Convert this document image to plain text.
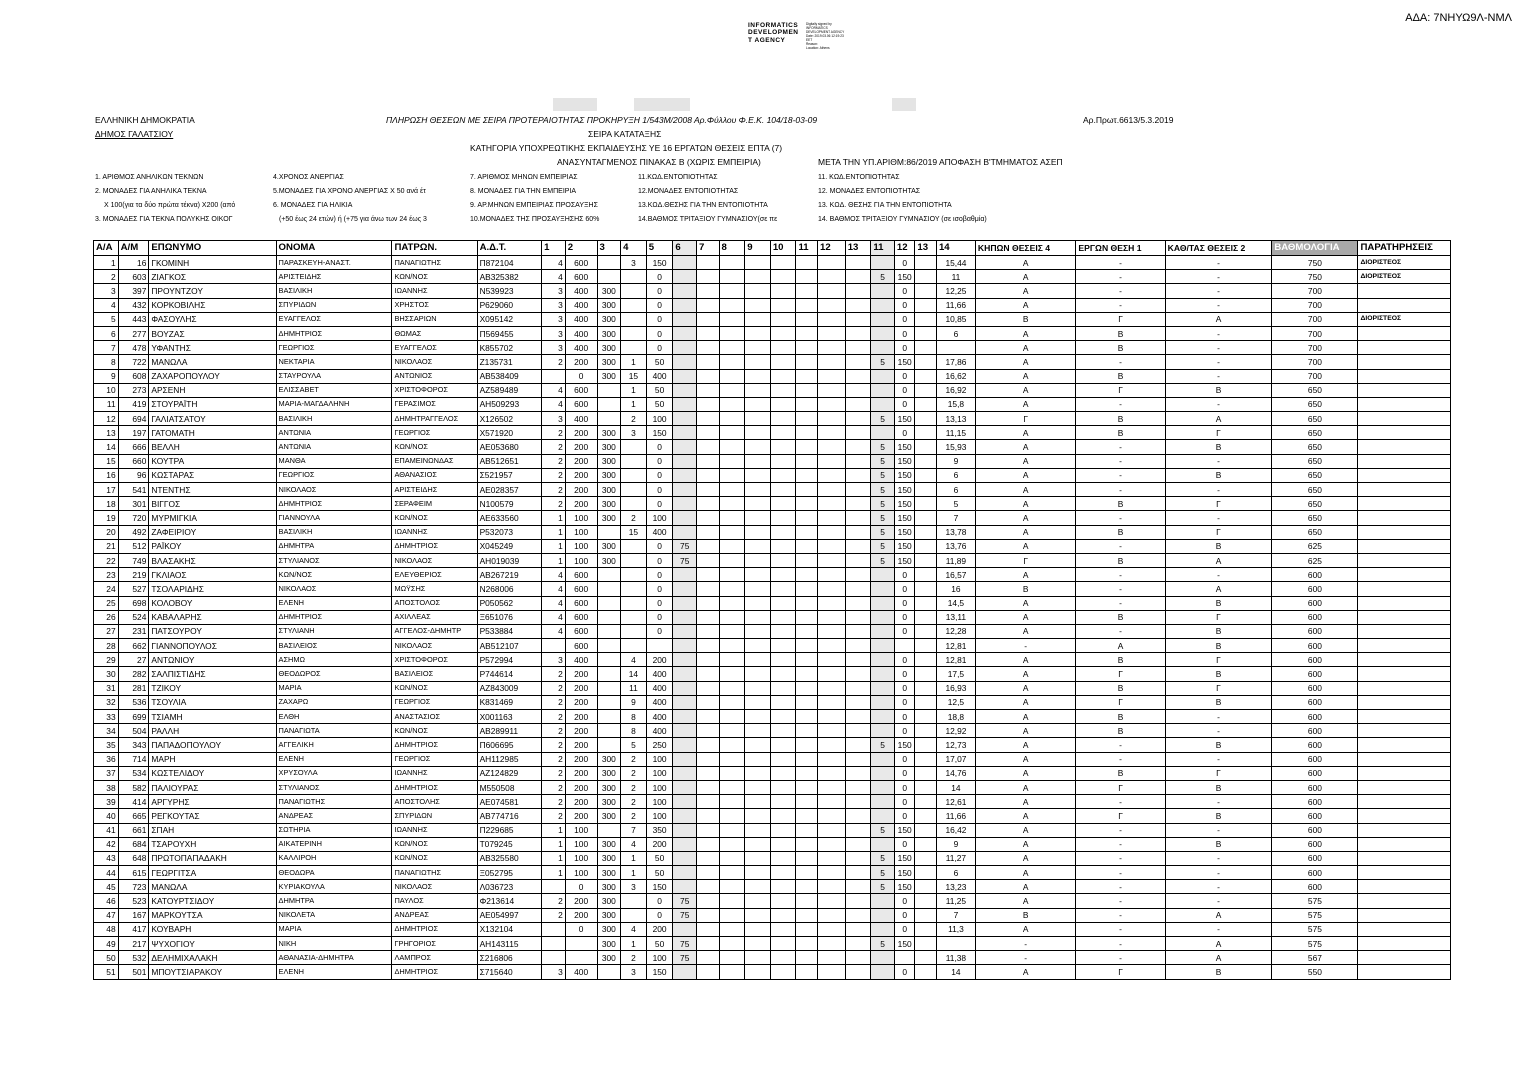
ΑΔΑ: 7ΝΗΥΩ9Λ-ΝΜΛ
INFORMATICS
DEVELOPMEN
T AGENCY
Digitally signed by
INFORMATICS
DEVELOPMENT AGENCY
Date: 2019.03.06 12:19:23
EET
Reason:
Location: Athens
ΕΛΛΗΝΙΚΗ ΔΗΜΟΚΡΑΤΙΑ
ΔΗΜΟΣ ΓΑΛΑΤΣΙΟΥ
ΠΛΗΡΩΣΗ ΘΕΣΕΩΝ ΜΕ ΣΕΙΡΑ ΠΡΟΤΕΡΑΙΟΤΗΤΑΣ ΠΡΟΚΗΡΥΞΗ 1/543Μ/2008 Αρ.Φύλλου Φ.Ε.Κ. 104/18-03-09	Αρ.Πρωτ.6613/5.3.2019
ΣΕΙΡΑ ΚΑΤΑΤΑΞΗΣ
ΚΑΤΗΓΟΡΙΑ ΥΠΟΧΡΕΩΤΙΚΗΣ ΕΚΠΑΙΔΕΥΣΗΣ ΥΕ 16 ΕΡΓΑΤΩΝ ΘΕΣΕΙΣ ΕΠΤΑ (7)
ΑΝΑΣΥΝΤΑΓΜΕΝΟΣ ΠΙΝΑΚΑΣ Β (ΧΩΡΙΣ ΕΜΠΕΙΡΙΑ)	ΜΕΤΑ ΤΗΝ ΥΠ.ΑΡΙΘΜ:86/2019 ΑΠΟΦΑΣΗ Β'ΤΜΗΜΑΤΟΣ ΑΣΕΠ
1. ΑΡΙΘΜΟΣ ΑΝΗΛΙΚΩΝ ΤΕΚΝΩΝ	4.ΧΡΟΝΟΣ ΑΝΕΡΓΙΑΣ	7. ΑΡΙΘΜΟΣ ΜΗΝΩΝ ΕΜΠΕΙΡΙΑΣ	11.ΚΩΔ.ΕΝΤΟΠΙΟΤΗΤΑΣ	11. ΚΩΔ.ΕΝΤΟΠΙΟΤΗΤΑΣ
2. ΜΟΝΑΔΕΣ ΓΙΑ ΑΝΗΛΙΚΑ ΤΕΚΝΑ	5.ΜΟΝΑΔΕΣ ΓΙΑ ΧΡΟΝΟ ΑΝΕΡΓΙΑΣ Χ 50 ανά έτ	8. ΜΟΝΑΔΕΣ ΓΙΑ ΤΗΝ ΕΜΠΕΙΡΙΑ	12.ΜΟΝΑΔΕΣ ΕΝΤΟΠΙΟΤΗΤΑΣ	12. ΜΟΝΑΔΕΣ ΕΝΤΟΠΙΟΤΗΤΑΣ
Χ 100(για τα δύο πρώτα τέκνα) Χ200 (από	6. ΜΟΝΑΔΕΣ ΓΙΑ ΗΛΙΚΙΑ	9. ΑΡ.ΜΗΝΩΝ ΕΜΠΕΙΡΙΑΣ ΠΡΟΣΑΥΞΗΣ	13.ΚΩΔ.ΘΕΣΗΣ ΓΙΑ ΤΗΝ ΕΝΤΟΠΙΟΤΗΤΑ	13. ΚΩΔ. ΘΕΣΗΣ ΓΙΑ ΤΗΝ ΕΝΤΟΠΙΟΤΗΤΑ
3. ΜΟΝΑΔΕΣ ΓΙΑ ΤΕΚΝΑ ΠΟΛΥΚΗΣ ΟΙΚΟΓ	(+50 έως 24 ετών) ή (+75 για άνω των 24 έως 3	10.ΜΟΝΑΔΕΣ ΤΗΣ ΠΡΟΣΑΥΞΗΣΗΣ 60%	14.ΒΑΘΜΟΣ ΤΡΙΤΑΞΙΟΥ ΓΥΜΝΑΣΙΟΥ(σε πε	14. ΒΑΘΜΟΣ ΤΡΙΤΑΞΙΟΥ ΓΥΜΝΑΣΙΟΥ (σε ισοβαθμία)
Α/Α	Α/Μ	ΕΠΩΝΥΜΟ	ΟΝΟΜΑ	ΠΑΤΡΩΝ.	Α.Δ.Τ.	1	2	3	4	5	6	7	8	9	10	11	12	13	11	12	13	14	ΚΗΠΩΝ ΘΕΣΕΙΣ 4	ΕΡΓΩΝ ΘΕΣΗ 1	ΚΑΘ/ΤΑΣ ΘΕΣΕΙΣ 2	ΒΑΘΜΟΛΟΓΙΑ	ΠΑΡΑΤΗΡΗΣΕΙΣ
1	16	ΓΚΟΜΙΝΗ	ΠΑΡΑΣΚΕΥΗ-ΑΝΑΣΤ.	ΠΑΝΑΓΙΩΤΗΣ	Π872104	4	600		3	150										0		15,44	Α	-	-	750	ΔΙΟΡΙΣΤΕΟΣ
2	603	ΖΙΑΓΚΟΣ	ΑΡΙΣΤΕΙΔΗΣ	ΚΩΝ/ΝΟΣ	ΑΒ325382	4	600			0									5	150		11	Α	-	-	750	ΔΙΟΡΙΣΤΕΟΣ
3	397	ΠΡΟΥΝΤΖΟΥ	ΒΑΣΙΛΙΚΗ	ΙΩΑΝΝΗΣ	Ν539923	3	400	300		0										0		12,25	Α	-	-	700	
4	432	ΚΟΡΚΟΒΙΛΗΣ	ΣΠΥΡΙΔΩΝ	ΧΡΗΣΤΟΣ	Ρ629060	3	400	300		0										0		11,66	Α	-	-	700	
5	443	ΦΑΣΟΥΛΗΣ	ΕΥΑΓΓΕΛΟΣ	ΒΗΣΣΑΡΙΩΝ	Χ095142	3	400	300		0										0		10,85	Β	Γ	Α	700	ΔΙΟΡΙΣΤΕΟΣ
6	277	ΒΟΥΖΑΣ	ΔΗΜΗΤΡΙΟΣ	ΘΩΜΑΣ	Π569455	3	400	300		0										0		6	Α	Β	-	700	
7	478	ΥΦΑΝΤΗΣ	ΓΕΩΡΓΙΟΣ	ΕΥΑΓΓΕΛΟΣ	Κ855702	3	400	300		0										0			Α	Β	-	700	
8	722	ΜΑΝΩΛΑ	ΝΕΚΤΑΡΙΑ	ΝΙΚΟΛΑΟΣ	Ζ135731	2	200	300	1	50									5	150		17,86	Α	-	-	700	
9	608	ΖΑΧΑΡΟΠΟΥΛΟΥ	ΣΤΑΥΡΟΥΛΑ	ΑΝΤΩΝΙΟΣ	ΑΒ538409		0	300	15	400										0		16,62	Α	Β	-	700	
10	273	ΑΡΣΕΝΗ	ΕΛΙΣΣΑΒΕΤ	ΧΡΙΣΤΟΦΟΡΟΣ	ΑΖ589489	4	600		1	50										0		16,92	Α	Γ	Β	650	
11	419	ΣΤΟΥΡΑΪΤΗ	ΜΑΡΙΑ-ΜΑΓΔΑΛΗΝΗ	ΓΕΡΑΣΙΜΟΣ	ΑΗ509293	4	600		1	50										0		15,8	Α	-	-	650	
12	694	ΓΑΛΙΑΤΣΑΤΟΥ	ΒΑΣΙΛΙΚΗ	ΔΗΜΗΤΡΑΓΓΕΛΟΣ	Χ126502	3	400		2	100									5	150		13,13	Γ	Β	Α	650	
13	197	ΓΑΤΟΜΑΤΗ	ΑΝΤΩΝΙΑ	ΓΕΩΡΓΙΟΣ	Χ571920	2	200	300	3	150										0		11,15	Α	Β	Γ	650	
14	666	ΒΕΛΛΗ	ΑΝΤΩΝΙΑ	ΚΩΝ/ΝΟΣ	ΑΕ053680	2	200	300		0									5	150		15,93	Α	-	Β	650	
15	660	ΚΟΥΤΡΑ	ΜΑΝΘΑ	ΕΠΑΜΕΙΝΩΝΔΑΣ	ΑΒ512651	2	200	300		0									5	150		9	Α	-	-	650	
16	96	ΚΩΣΤΑΡΑΣ	ΓΕΩΡΓΙΟΣ	ΑΘΑΝΑΣΙΟΣ	Σ521957	2	200	300		0									5	150		6	Α	-	Β	650	
17	541	ΝΤΕΝΤΗΣ	ΝΙΚΟΛΑΟΣ	ΑΡΙΣΤΕΙΔΗΣ	ΑΕ028357	2	200	300		0									5	150		6	Α	-	-	650	
18	301	ΒΙΓΓΟΣ	ΔΗΜΗΤΡΙΟΣ	ΣΕΡΑΦΕΙΜ	Ν100579	2	200	300		0									5	150		5	Α	Β	Γ	650	
19	720	ΜΥΡΜΙΓΚΙΑ	ΓΙΑΝΝΟΥΛΑ	ΚΩΝ/ΝΟΣ	ΑΕ633560	1	100	300	2	100									5	150		7	Α	-	-	650	
20	492	ΖΑΦΕΙΡΙΟΥ	ΒΑΣΙΛΙΚΗ	ΙΩΑΝΝΗΣ	Ρ532073	1	100		15	400									5	150		13,78	Α	Β	Γ	650	
21	512	ΡΑΪΚΟΥ	ΔΗΜΗΤΡΑ	ΔΗΜΗΤΡΙΟΣ	Χ045249	1	100	300		0	75								5	150		13,76	Α	-	Β	625	
22	749	ΒΛΑΣΑΚΗΣ	ΣΤΥΛΙΑΝΟΣ	ΝΙΚΟΛΑΟΣ	ΑΗ019039	1	100	300		0	75								5	150		11,89	Γ	Β	Α	625	
23	219	ΓΚΛΙΑΟΣ	ΚΩΝ/ΝΟΣ	ΕΛΕΥΘΕΡΙΟΣ	ΑΒ267219	4	600			0										0		16,57	Α	-	-	600	
24	527	ΤΣΟΛΑΡΙΔΗΣ	ΝΙΚΟΛΑΟΣ	ΜΩΫΣΗΣ	Ν268006	4	600			0										0		16	Β	-	Α	600	
25	698	ΚΟΛΟΒΟΥ	ΕΛΕΝΗ	ΑΠΟΣΤΟΛΟΣ	Ρ050562	4	600			0										0		14,5	Α	-	Β	600	
26	524	ΚΑΒΑΛΑΡΗΣ	ΔΗΜΗΤΡΙΟΣ	ΑΧΙΛΛΕΑΣ	Ξ651076	4	600			0										0		13,11	Α	Β	Γ	600	
27	231	ΠΑΤΣΟΥΡΟΥ	ΣΤΥΛΙΑΝΗ	ΑΓΓΕΛΟΣ-ΔΗΜΗΤΡ	Ρ533884	4	600			0										0		12,28	Α	-	Β	600	
28	662	ΓΙΑΝΝΟΠΟΥΛΟΣ	ΒΑΣΙΛΕΙΟΣ	ΝΙΚΟΛΑΟΣ	ΑΒ512107		600															12,81	-	Α	Β	600	
29	27	ΑΝΤΩΝΙΟΥ	ΑΣΗΜΩ	ΧΡΙΣΤΟΦΟΡΟΣ	Ρ572994	3	400		4	200										0		12,81	Α	Β	Γ	600	
30	282	ΣΑΛΠΙΣΤΙΔΗΣ	ΘΕΟΔΩΡΟΣ	ΒΑΣΙΛΕΙΟΣ	Ρ744614	2	200		14	400										0		17,5	Α	Γ	Β	600	
31	281	ΤΖΙΚΟΥ	ΜΑΡΙΑ	ΚΩΝ/ΝΟΣ	ΑΖ843009	2	200		11	400										0		16,93	Α	Β	Γ	600	
32	536	ΤΣΟΥΛΙΑ	ΖΑΧΑΡΩ	ΓΕΩΡΓΙΟΣ	Κ831469	2	200		9	400										0		12,5	Α	Γ	Β	600	
33	699	ΤΣΙΑΜΗ	ΕΛΘΗ	ΑΝΑΣΤΑΣΙΟΣ	Χ001163	2	200		8	400										0		18,8	Α	Β	-	600	
34	504	ΡΑΛΛΗ	ΠΑΝΑΓΙΩΤΑ	ΚΩΝ/ΝΟΣ	ΑΒ289911	2	200		8	400										0		12,92	Α	Β	-	600	
35	343	ΠΑΠΑΔΟΠΟΥΛΟΥ	ΑΓΓΕΛΙΚΗ	ΔΗΜΗΤΡΙΟΣ	Π606695	2	200		5	250									5	150		12,73	Α	-	Β	600	
36	714	ΜΑΡΗ	ΕΛΕΝΗ	ΓΕΩΡΓΙΟΣ	ΑΗ112985	2	200	300	2	100										0		17,07	Α	-	-	600	
37	534	ΚΩΣΤΕΛΙΔΟΥ	ΧΡΥΣΟΥΛΑ	ΙΩΑΝΝΗΣ	ΑΖ124829	2	200	300	2	100										0		14,76	Α	Β	Γ	600	
38	582	ΠΑΛΙΟΥΡΑΣ	ΣΤΥΛΙΑΝΟΣ	ΔΗΜΗΤΡΙΟΣ	Μ550508	2	200	300	2	100										0		14	Α	Γ	Β	600	
39	414	ΑΡΓΥΡΗΣ	ΠΑΝΑΓΙΩΤΗΣ	ΑΠΟΣΤΟΛΗΣ	ΑΕ074581	2	200	300	2	100										0		12,61	Α	-	-	600	
40	665	ΡΕΓΚΟΥΤΑΣ	ΑΝΔΡΕΑΣ	ΣΠΥΡΙΔΩΝ	ΑΒ774716	2	200	300	2	100										0		11,66	Α	Γ	Β	600	
41	661	ΣΠΑΗ	ΣΩΤΗΡΙΑ	ΙΩΑΝΝΗΣ	Π229685	1	100		7	350									5	150		16,42	Α	-	-	600	
42	684	ΤΣΑΡΟΥΧΗ	ΑΙΚΑΤΕΡΙΝΗ	ΚΩΝ/ΝΟΣ	Τ079245	1	100	300	4	200										0		9	Α	-	Β	600	
43	648	ΠΡΩΤΟΠΑΠΑΔΑΚΗ	ΚΑΛΛΙΡΟΗ	ΚΩΝ/ΝΟΣ	ΑΒ325580	1	100	300	1	50									5	150		11,27	Α	-	-	600	
44	615	ΓΕΩΡΓΙΤΣΑ	ΘΕΟΔΩΡΑ	ΠΑΝΑΓΙΩΤΗΣ	Ξ052795	1	100	300	1	50									5	150		6	Α	-	-	600	
45	723	ΜΑΝΩΛΑ	ΚΥΡΙΑΚΟΥΛΑ	ΝΙΚΟΛΑΟΣ	Λ036723		0	300	3	150									5	150		13,23	Α	-	-	600	
46	523	ΚΑΤΟΥΡΤΣΙΔΟΥ	ΔΗΜΗΤΡΑ	ΠΑΥΛΟΣ	Φ213614	2	200	300		0	75									0		11,25	Α	-	-	575	
47	167	ΜΑΡΚΟΥΤΣΑ	ΝΙΚΟΛΕΤΑ	ΑΝΔΡΕΑΣ	ΑΕ054997	2	200	300		0	75									0		7	Β	-	Α	575	
48	417	ΚΟΥΒΑΡΗ	ΜΑΡΙΑ	ΔΗΜΗΤΡΙΟΣ	Χ132104		0	300	4	200										0		11,3	Α	-	-	575	
49	217	ΨΥΧΟΓΙΟΥ	ΝΙΚΗ	ΓΡΗΓΟΡΙΟΣ	ΑΗ143115			300	1	50	75								5	150			-	-	Α	575	
50	532	ΔΕΛΗΜΙΧΑΛΑΚΗ	ΑΘΑΝΑΣΙΑ-ΔΗΜΗΤΡΑ	ΛΑΜΠΡΟΣ	Σ216806			300	2	100	75											11,38	-	-	Α	567	
51	501	ΜΠΟΥΤΣΙΑΡΑΚΟΥ	ΕΛΕΝΗ	ΔΗΜΗΤΡΙΟΣ	Σ715640	3	400		3	150										0		14	Α	Γ	Β	550	
